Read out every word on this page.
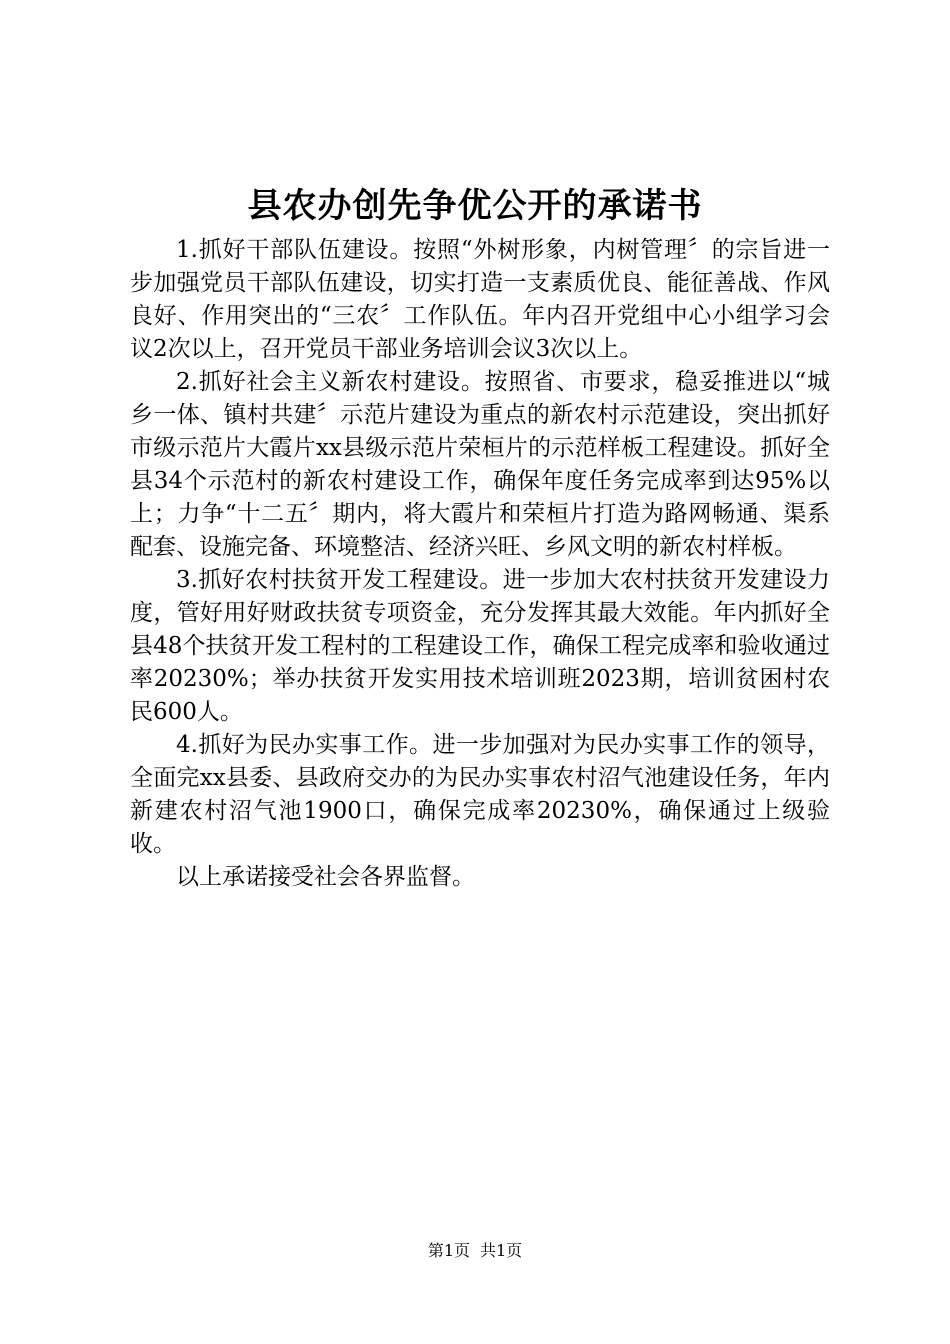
县农办创先争优公开的承诺书

1.抓好干部队伍建设。按照“外树形象，内树管理〞的宗旨进一步加强党员干部队伍建设，切实打造一支素质优良、能征善战、作风良好、作用突出的“三农〞工作队伍。年内召开党组中心小组学习会议2次以上，召开党员干部业务培训会议3次以上。

2.抓好社会主义新农村建设。按照省、市要求，稳妥推进以“城乡一体、镇村共建〞示范片建设为重点的新农村示范建设，突出抓好市级示范片大霞片xx县级示范片荣桓片的示范样板工程建设。抓好全县34个示范村的新农村建设工作，确保年度任务完成率到达95%以上；力争“十二五〞期内，将大霞片和荣桓片打造为路网畅通、渠系配套、设施完备、环境整洁、经济兴旺、乡风文明的新农村样板。

3.抓好农村扶贫开发工程建设。进一步加大农村扶贫开发建设力度，管好用好财政扶贫专项资金，充分发挥其最大效能。年内抓好全县48个扶贫开发工程村的工程建设工作，确保工程完成率和验收通过率20230%；举办扶贫开发实用技术培训班2023期，培训贫困村农民600人。

4.抓好为民办实事工作。进一步加强对为民办实事工作的领导，全面完xx县委、县政府交办的为民办实事农村沼气池建设任务，年内新建农村沼气池1900口，确保完成率20230%，确保通过上级验收。

以上承诺接受社会各界监督。

第1页 共1页
